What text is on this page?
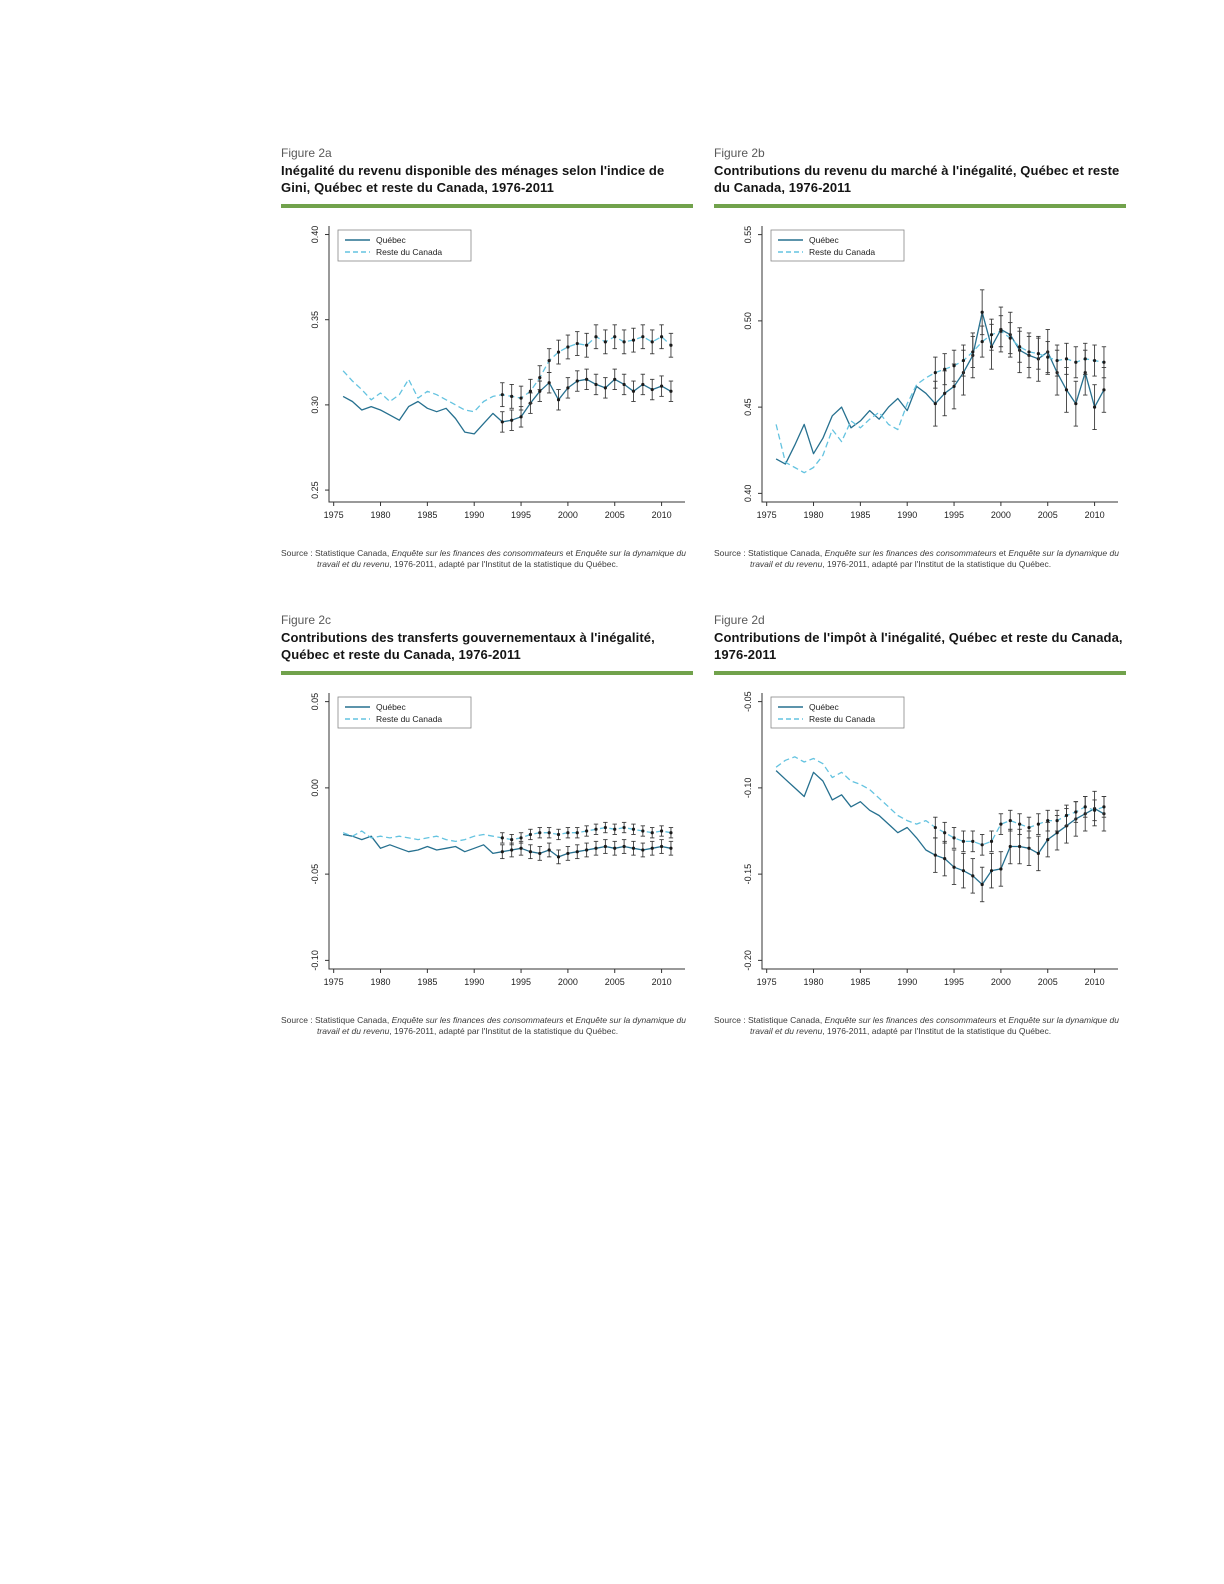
Figure 2a
Inégalité du revenu disponible des ménages selon l'indice de Gini, Québec et reste du Canada, 1976-2011
0.25
0.30
0.35
0.40
1975	1980	1985	1990	1995	2000	2005	2010
Québec
Reste du Canada

Source : Statistique Canada, Enquête sur les finances des consommateurs et Enquête sur la dynamique du travail et du revenu, 1976-2011, adapté par l'Institut de la statistique du Québec.

Figure 2b
Contributions du revenu du marché à l'inégalité, Québec et reste du Canada, 1976-2011
0.40
0.45
0.50
0.55
1975	1980	1985	1990	1995	2000	2005	2010
Québec
Reste du Canada

Source : Statistique Canada, Enquête sur les finances des consommateurs et Enquête sur la dynamique du travail et du revenu, 1976-2011, adapté par l'Institut de la statistique du Québec.

Figure 2c
Contributions des transferts gouvernementaux à l'inégalité, Québec et reste du Canada, 1976-2011
-0.10
-0.05
0.00
0.05
1975	1980	1985	1990	1995	2000	2005	2010
Québec
Reste du Canada

Source : Statistique Canada, Enquête sur les finances des consommateurs et Enquête sur la dynamique du travail et du revenu, 1976-2011, adapté par l'Institut de la statistique du Québec.

Figure 2d
Contributions de l'impôt à l'inégalité, Québec et reste du Canada, 1976-2011
-0.20
-0.15
-0.10
-0.05
1975	1980	1985	1990	1995	2000	2005	2010
Québec
Reste du Canada

Source : Statistique Canada, Enquête sur les finances des consommateurs et Enquête sur la dynamique du travail et du revenu, 1976-2011, adapté par l'Institut de la statistique du Québec.
